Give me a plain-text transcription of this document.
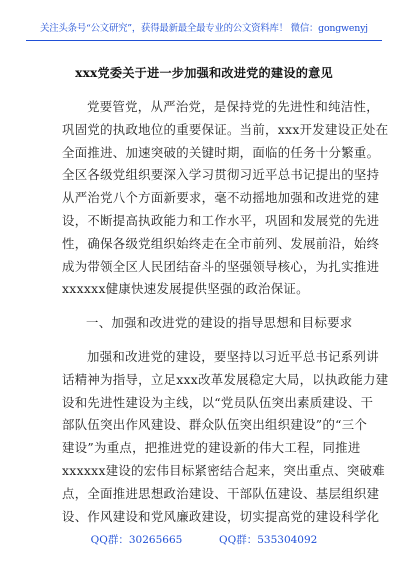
关注头条号“公文研究”，获得最新最全最专业的公文资料库！ 微信：gongwenyj
xxx党委关于进一步加强和改进党的建设的意见
党要管党，从严治党，是保持党的先进性和纯洁性，
巩固党的执政地位的重要保证。当前，xxx开发建设正处在
全面推进、加速突破的关键时期，面临的任务十分繁重。
全区各级党组织要深入学习贯彻习近平总书记提出的坚持
从严治党八个方面新要求，毫不动摇地加强和改进党的建
设，不断提高执政能力和工作水平，巩固和发展党的先进
性，确保各级党组织始终走在全市前列、发展前沿，始终
成为带领全区人民团结奋斗的坚强领导核心，为扎实推进
xxxxxx健康快速发展提供坚强的政治保证。
一、加强和改进党的建设的指导思想和目标要求
加强和改进党的建设，要坚持以习近平总书记系列讲
话精神为指导，立足xxx改革发展稳定大局，以执政能力建
设和先进性建设为主线，以“党员队伍突出素质建设、干
部队伍突出作风建设、群众队伍突出组织建设”的“三个
建设”为重点，把推进党的建设新的伟大工程，同推进
xxxxxx建设的宏伟目标紧密结合起来，突出重点、突破难
点，全面推进思想政治建设、干部队伍建设、基层组织建
设、作风建设和党风廉政建设，切实提高党的建设科学化
QQ群：30265665	QQ群：535304092
